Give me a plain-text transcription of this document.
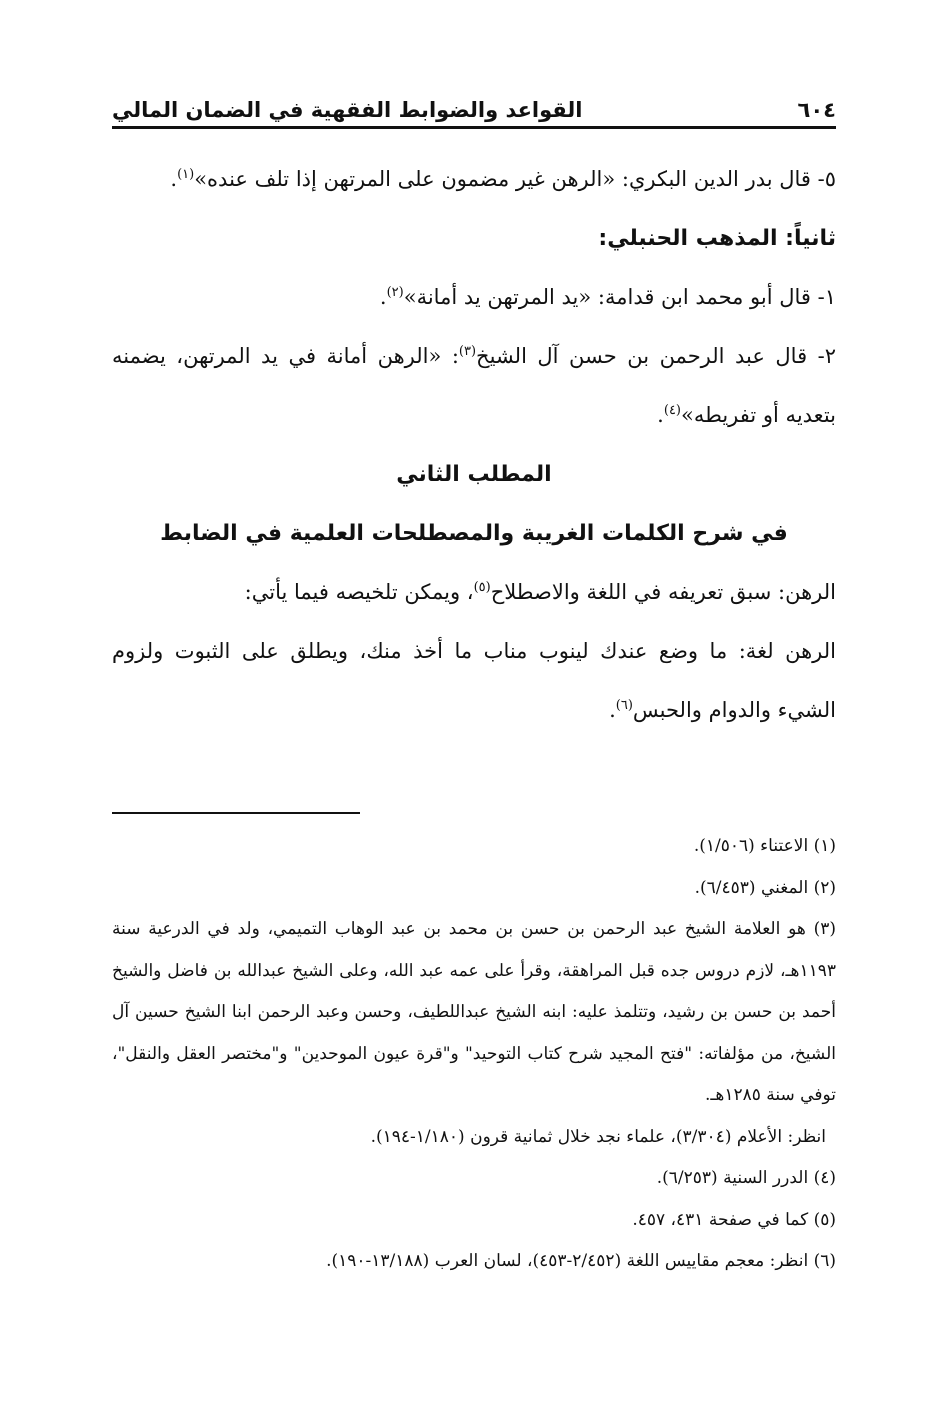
٦٠٤
القواعد والضوابط الفقهية في الضمان المالي

٥- قال بدر الدين البكري: «الرهن غير مضمون على المرتهن إذا تلف عنده»$^{(١)}$.

ثانياً: المذهب الحنبلي:

١- قال أبو محمد ابن قدامة: «يد المرتهن يد أمانة»$^{(٢)}$.

٢- قال عبد الرحمن بن حسن آل الشيخ$^{(٣)}$: «الرهن أمانة في يد المرتهن، يضمنه بتعديه أو تفريطه»$^{(٤)}$.

المطلب الثاني

في شرح الكلمات الغريبة والمصطلحات العلمية في الضابط

الرهن: سبق تعريفه في اللغة والاصطلاح$^{(٥)}$، ويمكن تلخيصه فيما يأتي:

الرهن لغة: ما وضع عندك لينوب مناب ما أخذ منك، ويطلق على الثبوت ولزوم الشيء والدوام والحبس$^{(٦)}$.

(١) الاعتناء (١/٥٠٦).

(٢) المغني (٦/٤٥٣).

(٣) هو العلامة الشيخ عبد الرحمن بن حسن بن محمد بن عبد الوهاب التميمي، ولد في الدرعية سنة ١١٩٣هـ، لازم دروس جده قبل المراهقة، وقرأ على عمه عبد الله، وعلى الشيخ عبدالله بن فاضل والشيخ أحمد بن حسن بن رشيد، وتتلمذ عليه: ابنه الشيخ عبداللطيف، وحسن وعبد الرحمن ابنا الشيخ حسين آل الشيخ، من مؤلفاته: "فتح المجيد شرح كتاب التوحيد" و"قرة عيون الموحدين" و"مختصر العقل والنقل"، توفي سنة ١٢٨٥هـ.

انظر: الأعلام (٣/٣٠٤)، علماء نجد خلال ثمانية قرون (١/١٨٠-١٩٤).

(٤) الدرر السنية (٦/٢٥٣).

(٥) كما في صفحة ٤٣١، ٤٥٧.

(٦) انظر: معجم مقاييس اللغة (٢/٤٥٢-٤٥٣)، لسان العرب (١٣/١٨٨-١٩٠).
